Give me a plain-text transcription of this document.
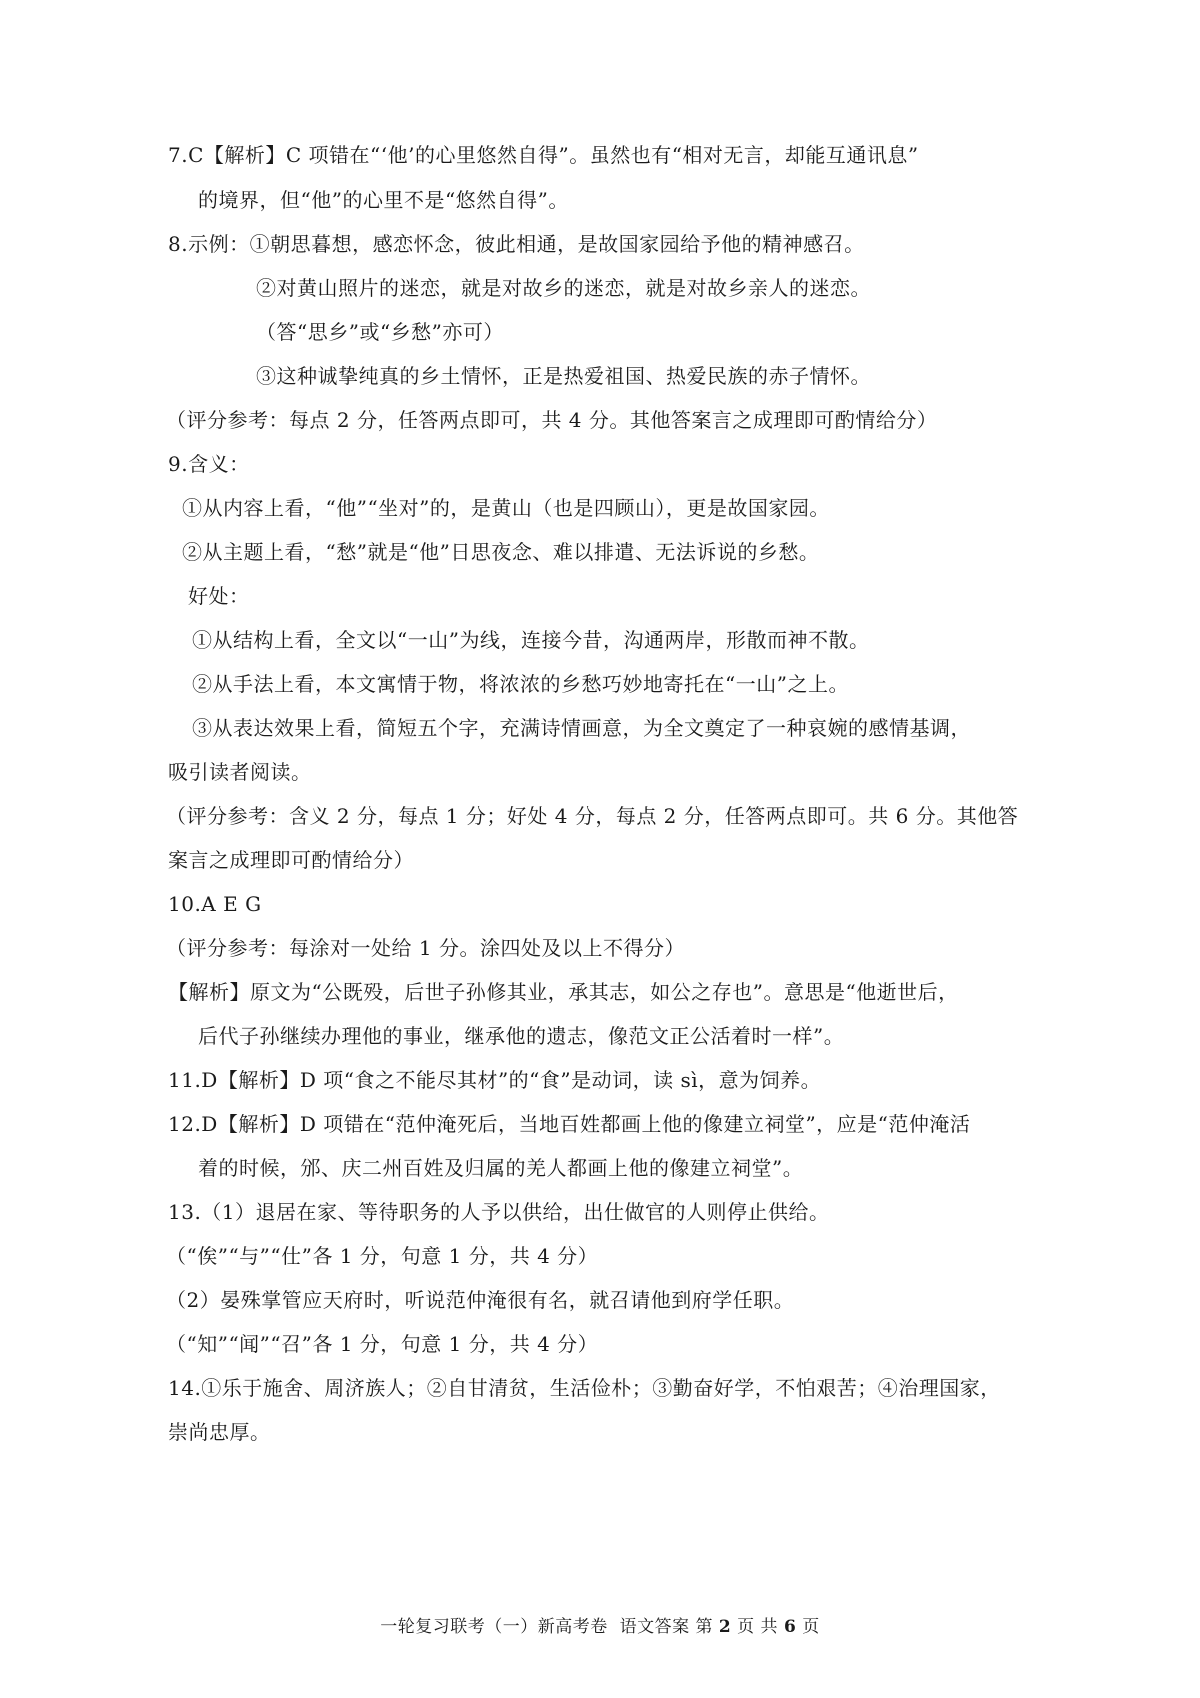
7.C【解析】C 项错在“‘他’的心里悠然自得”。虽然也有“相对无言，却能互通讯息”
的境界，但“他”的心里不是“悠然自得”。
8.示例：①朝思暮想，感恋怀念，彼此相通，是故国家园给予他的精神感召。
②对黄山照片的迷恋，就是对故乡的迷恋，就是对故乡亲人的迷恋。
（答“思乡”或“乡愁”亦可）
③这种诚挚纯真的乡土情怀，正是热爱祖国、热爱民族的赤子情怀。
（评分参考：每点 2 分，任答两点即可，共 4 分。其他答案言之成理即可酌情给分）
9.含义：
①从内容上看，“他”“坐对”的，是黄山（也是四顾山），更是故国家园。
②从主题上看，“愁”就是“他”日思夜念、难以排遣、无法诉说的乡愁。
好处：
①从结构上看，全文以“一山”为线，连接今昔，沟通两岸，形散而神不散。
②从手法上看，本文寓情于物，将浓浓的乡愁巧妙地寄托在“一山”之上。
③从表达效果上看，简短五个字，充满诗情画意，为全文奠定了一种哀婉的感情基调，
吸引读者阅读。
（评分参考：含义 2 分，每点 1 分；好处 4 分，每点 2 分，任答两点即可。共 6 分。其他答
案言之成理即可酌情给分）
10.A E G
（评分参考：每涂对一处给 1 分。涂四处及以上不得分）
【解析】原文为“公既殁，后世子孙修其业，承其志，如公之存也”。意思是“他逝世后，
后代子孙继续办理他的事业，继承他的遗志，像范文正公活着时一样”。
11.D【解析】D 项“食之不能尽其材”的“食”是动词，读 sì，意为饲养。
12.D【解析】D 项错在“范仲淹死后，当地百姓都画上他的像建立祠堂”，应是“范仲淹活
着的时候，邠、庆二州百姓及归属的羌人都画上他的像建立祠堂”。
13.（1）退居在家、等待职务的人予以供给，出仕做官的人则停止供给。
（“俟”“与”“仕”各 1 分，句意 1 分，共 4 分）
（2）晏殊掌管应天府时，听说范仲淹很有名，就召请他到府学任职。
（“知”“闻”“召”各 1 分，句意 1 分，共 4 分）
14.①乐于施舍、周济族人；②自甘清贫，生活俭朴；③勤奋好学，不怕艰苦；④治理国家，
崇尚忠厚。
一轮复习联考（一）新高考卷 语文答案 第 2 页 共 6 页
